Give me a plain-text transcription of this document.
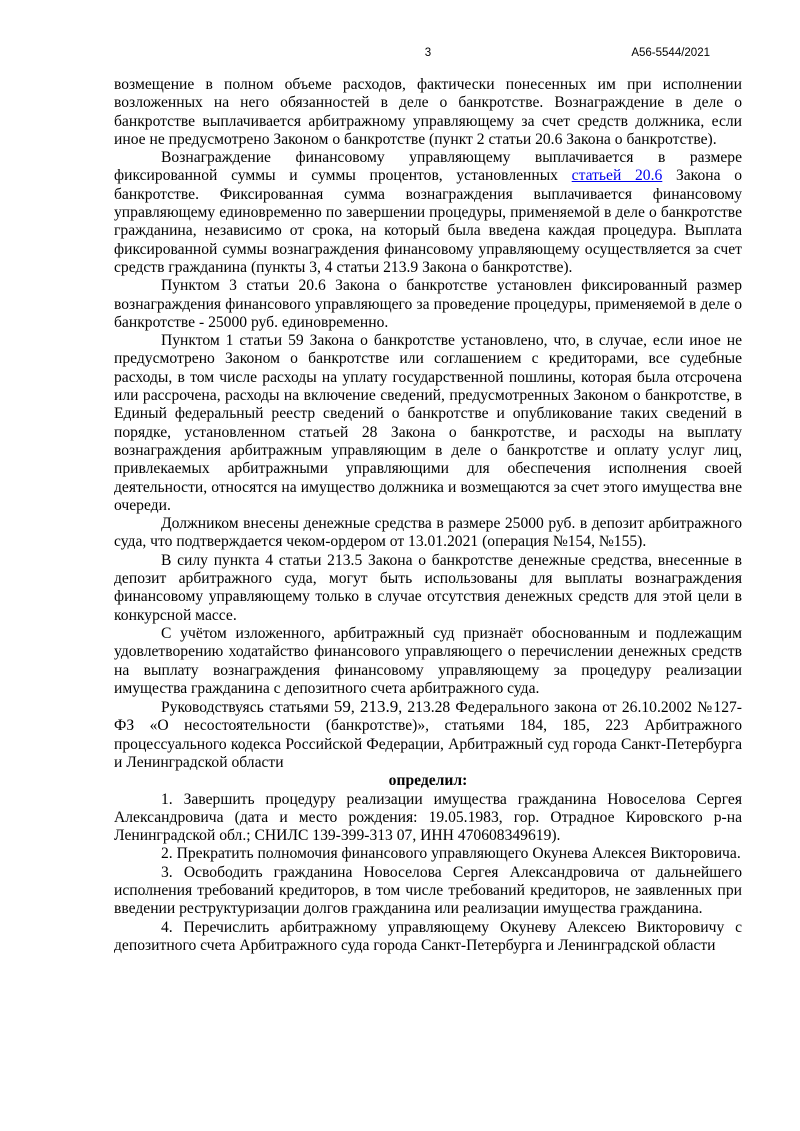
3	А56-5544/2021

возмещение в полном объеме расходов, фактически понесенных им при исполнении возложенных на него обязанностей в деле о банкротстве. Вознаграждение в деле о банкротстве выплачивается арбитражному управляющему за счет средств должника, если иное не предусмотрено Законом о банкротстве (пункт 2 статьи 20.6 Закона о банкротстве).

Вознаграждение финансовому управляющему выплачивается в размере фиксированной суммы и суммы процентов, установленных статьей 20.6 Закона о банкротстве. Фиксированная сумма вознаграждения выплачивается финансовому управляющему единовременно по завершении процедуры, применяемой в деле о банкротстве гражданина, независимо от срока, на который была введена каждая процедура. Выплата фиксированной суммы вознаграждения финансовому управляющему осуществляется за счет средств гражданина (пункты 3, 4 статьи 213.9 Закона о банкротстве).

Пунктом 3 статьи 20.6 Закона о банкротстве установлен фиксированный размер вознаграждения финансового управляющего за проведение процедуры, применяемой в деле о банкротстве - 25000 руб. единовременно.

Пунктом 1 статьи 59 Закона о банкротстве установлено, что, в случае, если иное не предусмотрено Законом о банкротстве или соглашением с кредиторами, все судебные расходы, в том числе расходы на уплату государственной пошлины, которая была отсрочена или рассрочена, расходы на включение сведений, предусмотренных Законом о банкротстве, в Единый федеральный реестр сведений о банкротстве и опубликование таких сведений в порядке, установленном статьей 28 Закона о банкротстве, и расходы на выплату вознаграждения арбитражным управляющим в деле о банкротстве и оплату услуг лиц, привлекаемых арбитражными управляющими для обеспечения исполнения своей деятельности, относятся на имущество должника и возмещаются за счет этого имущества вне очереди.

Должником внесены денежные средства в размере 25000 руб. в депозит арбитражного суда, что подтверждается чеком-ордером от 13.01.2021 (операция №154, №155).

В силу пункта 4 статьи 213.5 Закона о банкротстве денежные средства, внесенные в депозит арбитражного суда, могут быть использованы для выплаты вознаграждения финансовому управляющему только в случае отсутствия денежных средств для этой цели в конкурсной массе.

С учётом изложенного, арбитражный суд признаёт обоснованным и подлежащим удовлетворению ходатайство финансового управляющего о перечислении денежных средств на выплату вознаграждения финансовому управляющему за процедуру реализации имущества гражданина с депозитного счета арбитражного суда.

Руководствуясь статьями 59, 213.9, 213.28 Федерального закона от 26.10.2002 №127-ФЗ «О несостоятельности (банкротстве)», статьями 184, 185, 223 Арбитражного процессуального кодекса Российской Федерации, Арбитражный суд города Санкт-Петербурга и Ленинградской области

определил:

1. Завершить процедуру реализации имущества гражданина Новоселова Сергея Александровича (дата и место рождения: 19.05.1983, гор. Отрадное Кировского р-на Ленинградской обл.; СНИЛС 139-399-313 07, ИНН 470608349619).

2. Прекратить полномочия финансового управляющего Окунева Алексея Викторовича.

3. Освободить гражданина Новоселова Сергея Александровича от дальнейшего исполнения требований кредиторов, в том числе требований кредиторов, не заявленных при введении реструктуризации долгов гражданина или реализации имущества гражданина.

4. Перечислить арбитражному управляющему Окуневу Алексею Викторовичу с депозитного счета Арбитражного суда города Санкт-Петербурга и Ленинградской области
